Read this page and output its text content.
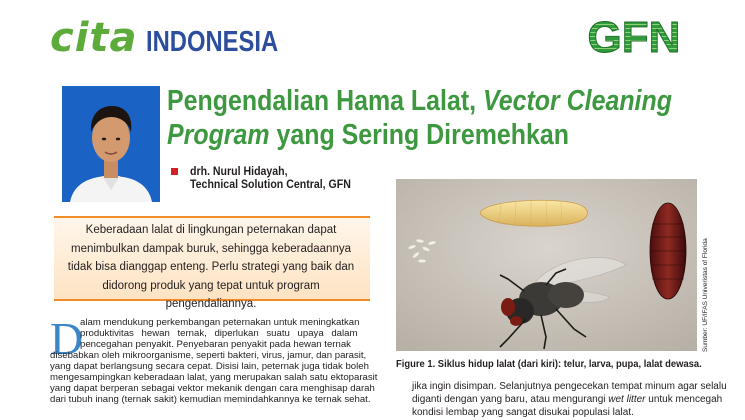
cita INDONESIA	GFN
Pengendalian Hama Lalat, Vector Cleaning
Program yang Sering Diremehkan
drh. Nurul Hidayah,
Technical Solution Central, GFN
Keberadaan lalat di lingkungan peternakan dapat menimbulkan dampak buruk, sehingga keberadaannya tidak bisa dianggap enteng. Perlu strategi yang baik dan didorong produk yang tepat untuk program pengendaliannya.
D
alam mendukung perkembangan peternakan untuk meningkatkan
produktivitas hewan ternak, diperlukan suatu upaya dalam
pencegahan penyakit. Penyebaran penyakit pada hewan ternak
disebabkan oleh mikroorganisme, seperti bakteri, virus, jamur, dan parasit,
yang dapat berlangsung secara cepat. Disisi lain, peternak juga tidak boleh
mengesampingkan keberadaan lalat, yang merupakan salah satu ektoparasit
yang dapat berperan sebagai vektor mekanik dengan cara menghisap darah
dari tubuh inang (ternak sakit) kemudian memindahkannya ke ternak sehat.
Sumber: UF/IFAS Univeristas of Florida
Figure 1. Siklus hidup lalat (dari kiri): telur, larva, pupa, lalat dewasa.
jika ingin disimpan. Selanjutnya pengecekan tempat minum agar selalu
diganti dengan yang baru, atau mengurangi wet litter untuk mencegah
kondisi lembap yang sangat disukai populasi lalat.
